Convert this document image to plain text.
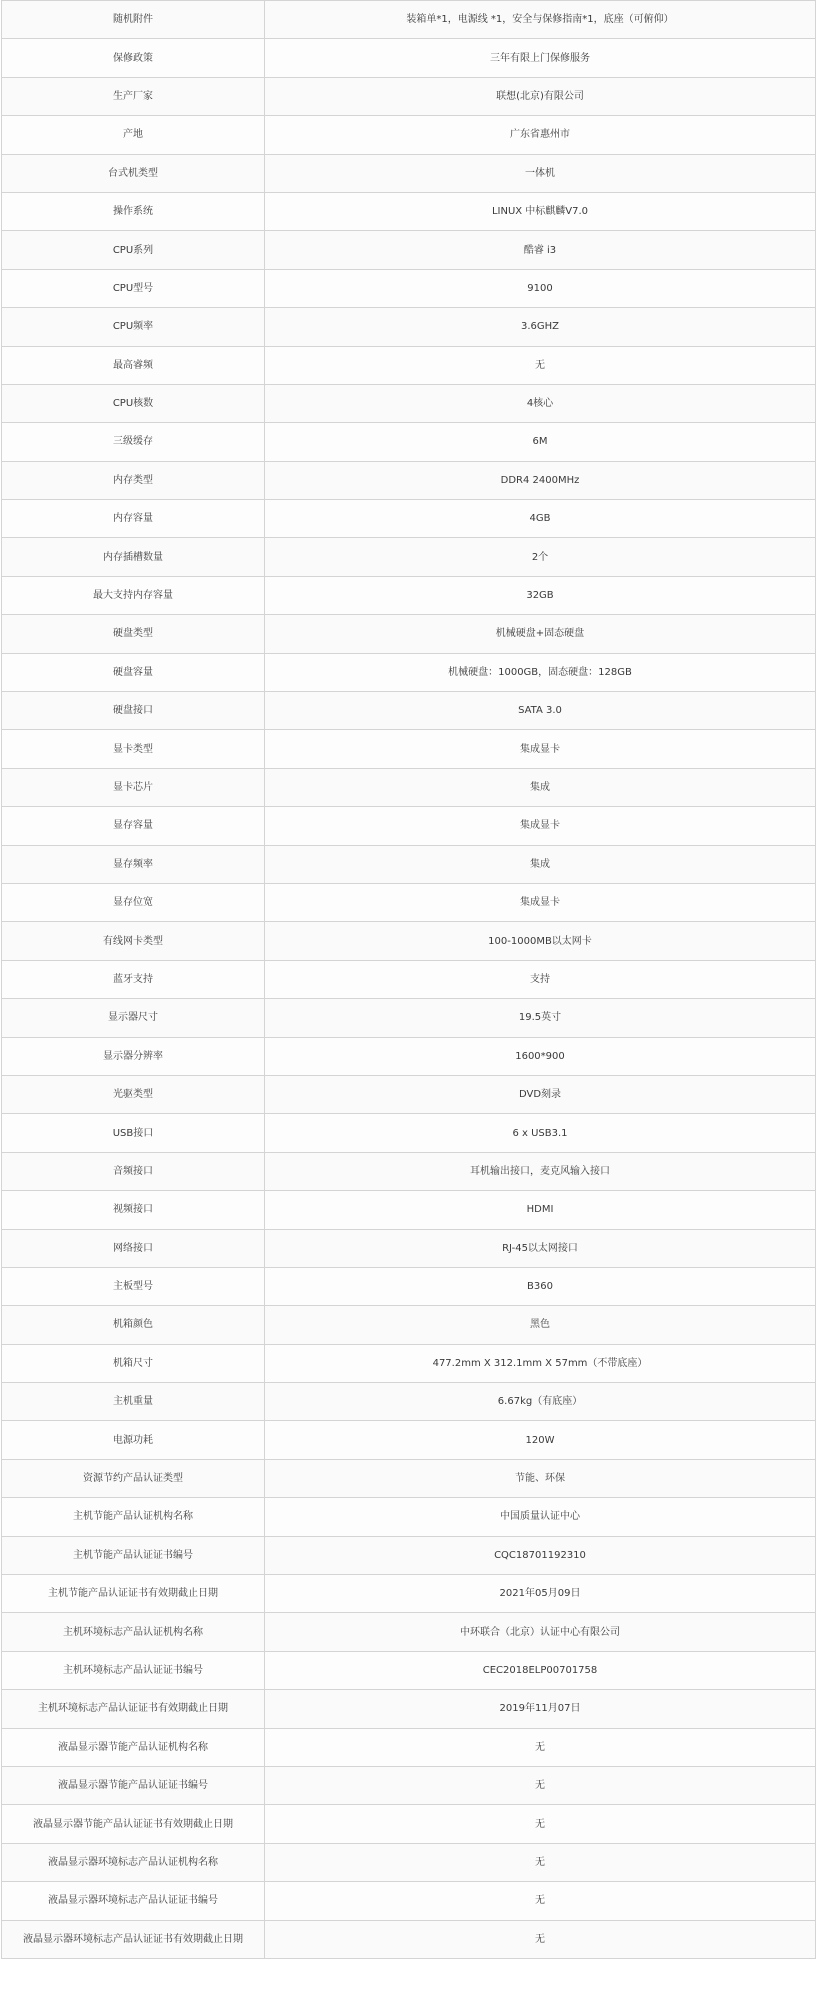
随机附件	装箱单*1，电源线 *1，安全与保修指南*1，底座（可俯仰）
保修政策	三年有限上门保修服务
生产厂家	联想(北京)有限公司
产地	广东省惠州市
台式机类型	一体机
操作系统	LINUX 中标麒麟V7.0
CPU系列	酷睿 i3
CPU型号	9100
CPU频率	3.6GHZ
最高睿频	无
CPU核数	4核心
三级缓存	6M
内存类型	DDR4 2400MHz
内存容量	4GB
内存插槽数量	2个
最大支持内存容量	32GB
硬盘类型	机械硬盘+固态硬盘
硬盘容量	机械硬盘：1000GB，固态硬盘：128GB
硬盘接口	SATA 3.0
显卡类型	集成显卡
显卡芯片	集成
显存容量	集成显卡
显存频率	集成
显存位宽	集成显卡
有线网卡类型	100-1000MB以太网卡
蓝牙支持	支持
显示器尺寸	19.5英寸
显示器分辨率	1600*900
光驱类型	DVD刻录
USB接口	6 x USB3.1
音频接口	耳机输出接口，麦克风输入接口
视频接口	HDMI
网络接口	RJ-45以太网接口
主板型号	B360
机箱颜色	黑色
机箱尺寸	477.2mm X 312.1mm X 57mm（不带底座）
主机重量	6.67kg（有底座）
电源功耗	120W
资源节约产品认证类型	节能、环保
主机节能产品认证机构名称	中国质量认证中心
主机节能产品认证证书编号	CQC18701192310
主机节能产品认证证书有效期截止日期	2021年05月09日
主机环境标志产品认证机构名称	中环联合（北京）认证中心有限公司
主机环境标志产品认证证书编号	CEC2018ELP00701758
主机环境标志产品认证证书有效期截止日期	2019年11月07日
液晶显示器节能产品认证机构名称	无
液晶显示器节能产品认证证书编号	无
液晶显示器节能产品认证证书有效期截止日期	无
液晶显示器环境标志产品认证机构名称	无
液晶显示器环境标志产品认证证书编号	无
液晶显示器环境标志产品认证证书有效期截止日期	无
